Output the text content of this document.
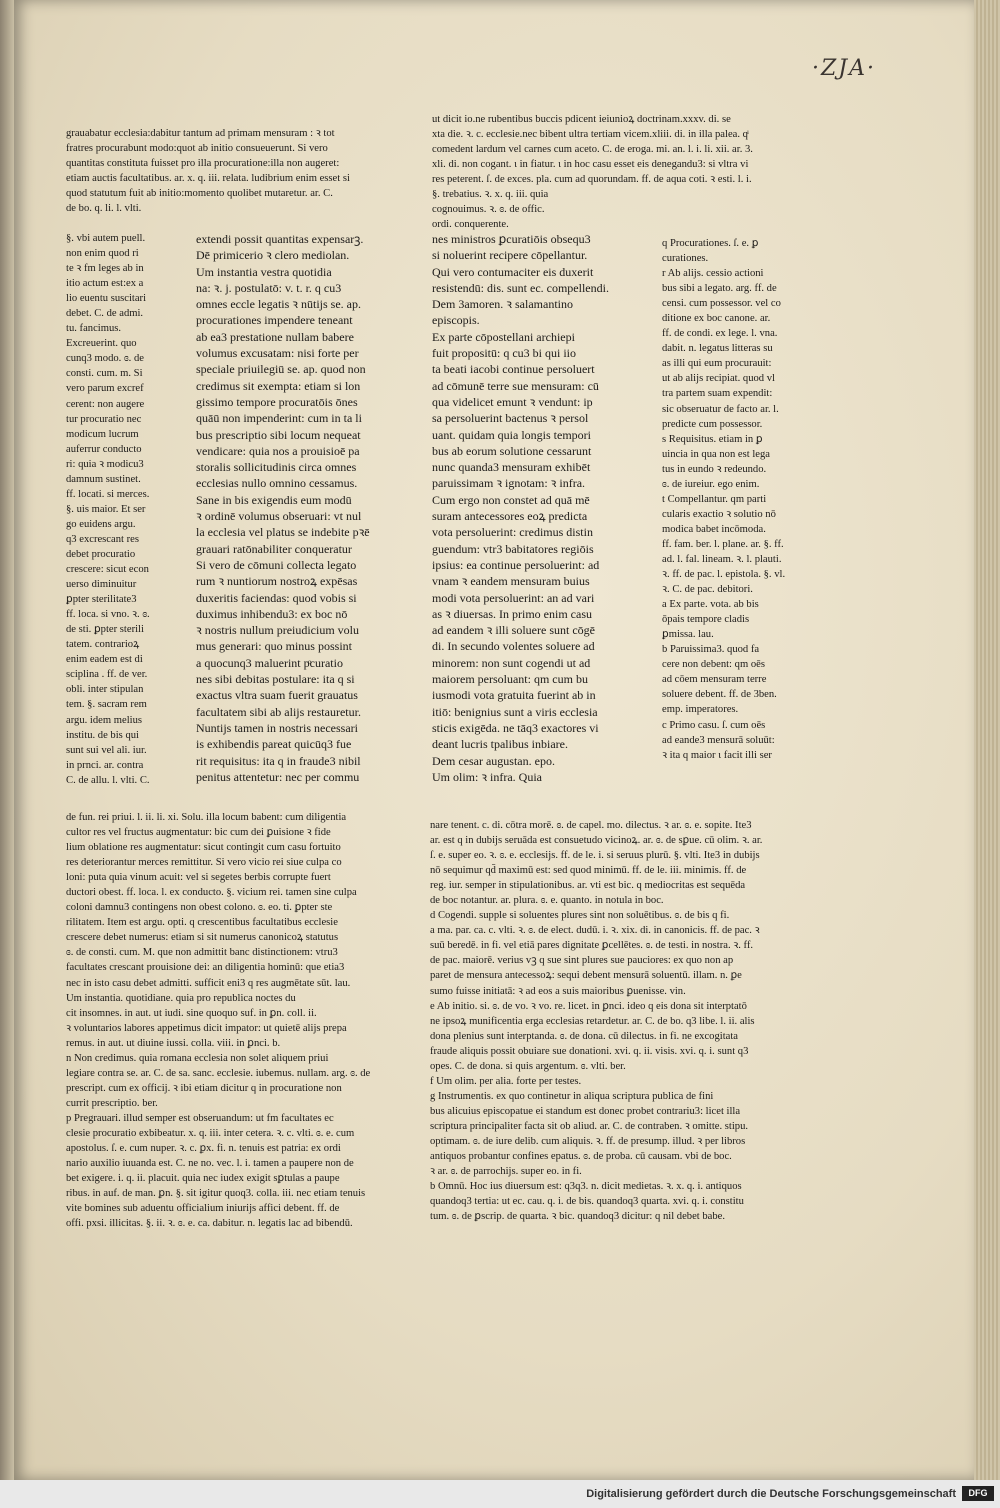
·ZJA·
grauabatur ecclesia:dabitur tantum ad primam mensuram : ꝛ tot
fratres procurabunt modo:quot ab initio consueuerunt. Si vero
quantitas constituta fuisset pro illa procuratione:illa non augeret:
etiam auctis facultatibus. ar. x. q. iii. relata. ludibrium enim esset si
quod statutum fuit ab initio:momento quolibet mutaretur. ar. C.
de bo. q. li. l. vlti.
ut dicit io.ne rubentibus buccis pdicent ieiunioꝝ doctrinam.xxxv. di. se
xta die. ꝛ. c. ecclesie.nec bibent ultra tertiam vicem.xliii. di. in illa palea. qͥ
comedent lardum vel carnes cum aceto. C. de eroga. mi. an. l. i. li. xii. ar. 3.
xli. di. non cogant. ɩ in fiatur. ɩ in hoc casu esset eis denegandu3: si vltra vi
res peterent. ſ. de exces. pla. cum ad quorundam. ff. de aqua coti. ꝛ esti. l. i.
§. trebatius. ꝛ. x. q. iii. quia
cognouimus. ꝛ. ɞ. de offic.
ordi. conquerente.
§. vbi autem puell.
non enim quod ri
te ꝛ fm leges ab in
itio actum est:ex a
lio euentu suscitari
debet. C. de admi.
tu. fancimus.
Excreuerint. quo
cunq3 modo. ɞ. de
consti. cum. m. Si
vero parum excref
cerent: non augere
tur procuratio nec
modicum lucrum
auferrur conducto
ri: quia ꝛ modicu3
damnum sustinet.
ff. locati. si merces.
§. uis maior. Et ser
go euidens argu.
q3 excrescant res
debet procuratio
crescere: sicut econ
uerso diminuitur
ꝑpter sterilitate3
ff. loca. si vno. ꝛ. ɞ.
de sti. ꝑpter sterili
tatem. contrarioꝝ
enim eadem est di
sciplina . ff. de ver.
obli. inter stipulan
tem. §. sacram rem
argu. idem melius
institu. de bis qui
sunt sui vel ali. iur.
in prnci. ar. contra
C. de allu. l. vlti. C.
extendi possit quantitas expensarꝫ.
Dē primicerio ꝛ clero mediolan.
Um instantia vestra quotidia
na: ꝛ. j. postulatō: v. t. r. q cu3
omnes eccle legatis ꝛ nūtijs se. ap.
procurationes impendere teneant
ab ea3 prestatione nullam babere
volumus excusatam: nisi forte per
speciale priuilegiū se. ap. quod non
credimus sit exempta: etiam si lon
gissimo tempore procuratōis ōnes
quāū non impenderint: cum in ta li
bus prescriptio sibi locum nequeat
vendicare: quia nos a prouisioē pa
storalis sollicitudinis circa omnes
ecclesias nullo omnino cessamus.
Sane in bis exigendis eum modū
ꝛ ordinē volumus obseruari: vt nul
la ecclesia vel platus se indebite pꝛē
grauari ratōnabiliter conqueratur
Si vero de cōmuni collecta legato
rum ꝛ nuntiorum nostroꝝ expēsas
duxeritis faciendas: quod vobis si
duximus inhibendu3: ex boc nō
ꝛ nostris nullum preiudicium volu
mus generari: quo minus possint
a quocunq3 maluerint pͦcuratio
nes sibi debitas postulare: ita q si
exactus vltra suam fuerit grauatus
facultatem sibi ab alijs restauretur.
Nuntijs tamen in nostris necessari
is exhibendis pareat quicūq3 fue
rit requisitus: ita q in fraude3 nibil
penitus attentetur: nec per commu
nes ministros ꝑcuratiōis obsequ3
si noluerint recipere cōpellantur.
Qui vero contumaciter eis duxerit
resistendū: dis. sunt ec. compellendi.
Dem 3amoren. ꝛ salamantino
episcopis.
Ex parte cōpostellani archiepi
fuit propositū: q cu3 bi qui iio
ta beati iacobi continue persoluert
ad cōmunē terre sue mensuram: cū
qua videlicet emunt ꝛ vendunt: ip
sa persoluerint bactenus ꝛ persol
uant. quidam quia longis tempori
bus ab eorum solutione cessarunt
nunc quanda3 mensuram exhibēt
paruissimam ꝛ ignotam: ꝛ infra.
Cum ergo non constet ad quā mē
suram antecessores eoꝝ predicta
vota persoluerint: credimus distin
guendum: vtr3 babitatores regiōis
ipsius: ea continue persoluerint: ad
vnam ꝛ eandem mensuram buius
modi vota persoluerint: an ad vari
as ꝛ diuersas. In primo enim casu
ad eandem ꝛ illi soluere sunt cōgē
di. In secundo volentes soluere ad
minorem: non sunt cogendi ut ad
maiorem persoluant: qm cum bu
iusmodi vota gratuita fuerint ab in
itiō: benignius sunt a viris ecclesia
sticis exigēda. ne tāq3 exactores vi
deant lucris tpalibus inbiare.
Dem cesar augustan. epo.
Um olim: ꝛ infra. Quia
q Procurationes. ſ. e. ꝑ
curationes.
r Ab alijs. cessio actioni
bus sibi a legato. arg. ff. de
censi. cum possessor. vel co
ditione ex boc canone. ar.
ff. de condi. ex lege. l. vna.
dabit. n. legatus litteras su
as illi qui eum procurauit:
ut ab alijs recipiat. quod vl
tra partem suam expendit:
sic obseruatur de facto ar. l.
predicte cum possessor.
s Requisitus. etiam in ꝑ
uincia in qua non est lega
tus in eundo ꝛ redeundo.
ɞ. de iureiur. ego enim.
t Compellantur. qm parti
cularis exactio ꝛ solutio nō
modica babet incōmoda.
ff. fam. ber. l. plane. ar. §. ff.
ad. l. fal. lineam. ꝛ. l. plauti.
ꝛ. ff. de pac. l. epistola. §. vl.
ꝛ. C. de pac. debitori.
a Ex parte. vota. ab bis
ōpais tempore cladis
ꝑmissa. lau.
b Paruissima3. quod fa
cere non debent: qm oēs
ad cōem mensuram terre
soluere debent. ff. de 3ben.
emp. imperatores.
c Primo casu. ſ. cum oēs
ad eande3 mensurā soluūt:
ꝛ ita q maior ɩ facit illi ser
de fun. rei priui. l. ii. li. xi. Solu. illa locum babent: cum diligentia
cultor res vel fructus augmentatur: bic cum dei ꝑuisione ꝛ fide
lium oblatione res augmentatur: sicut contingit cum casu fortuito
res deteriorantur merces remittitur. Si vero vicio rei siue culpa co
loni: puta quia vinum acuit: vel si segetes berbis corrupte fuert
ductori obest. ff. loca. l. ex conducto. §. vicium rei. tamen sine culpa
coloni damnu3 contingens non obest colono. ɞ. eo. ti. ꝑpter ste
rilitatem. Item est argu. opti. q crescentibus facultatibus ecclesie
crescere debet numerus: etiam si sit numerus canonicoꝝ statutus
ɞ. de consti. cum. M. que non admittit banc distinctionem: vtru3
facultates crescant prouisione dei: an diligentia hominū: que etia3
nec in isto casu debet admitti. sufficit eni3 q res augmētate sūt. lau.
Um instantia. quotidiane. quia pro republica noctes du
cit insomnes. in aut. ut iudi. sine quoquo suf. in ꝑn. coll. ii.
ꝛ voluntarios labores appetimus dicit impator: ut quietē alijs prepa
remus. in aut. ut diuine iussi. colla. viii. in ꝑnci. b.
n Non credimus. quia romana ecclesia non solet aliquem priui
legiare contra se. ar. C. de sa. sanc. ecclesie. iubemus. nullam. arg. ɞ. de
prescript. cum ex officij. ꝛ ibi etiam dicitur q in procuratione non
currit prescriptio. ber.
p Pregrauari. illud semper est obseruandum: ut fm facultates ec
clesie procuratio exbibeatur. x. q. iii. inter cetera. ꝛ. c. vlti. ɞ. e. cum
apostolus. ſ. e. cum nuper. ꝛ. c. ꝑx. fi. n. tenuis est patria: ex ordi
nario auxilio iuuanda est. C. ne no. vec. l. i. tamen a paupere non de
bet exigere. i. q. ii. placuit. quia nec iudex exigit sꝑtulas a paupe
ribus. in auf. de man. ꝑn. §. sit igitur quoq3. colla. iii. nec etiam tenuis
vite bomines sub aduentu officialium iniurijs affici debent. ff. de
offi. pxsi. illicitas. §. ii. ꝛ. ɞ. e. ca. dabitur. n. legatis lac ad bibendū.
nare tenent. c. di. cōtra morē. ɞ. de capel. mo. dilectus. ꝛ ar. ɞ. e. sopite. Ite3
ar. est q in dubijs seruāda est consuetudo vicinoꝝ. ar. ɞ. de sꝑue. cū olim. ꝛ. ar.
ſ. e. super eo. ꝛ. ɞ. e. ecclesijs. ff. de le. i. si seruus plurū. §. vlti. Ite3 in dubijs
nō sequimur qd̄ maximū est: sed quod minimū. ff. de le. iii. minimis. ff. de
reg. iur. semper in stipulationibus. ar. vti est bic. q mediocritas est sequēda
de boc notantur. ar. plura. ɞ. e. quanto. in notula in boc.
d Cogendi. supple si soluentes plures sint non soluētibus. ɞ. de bis q fi.
a ma. par. ca. c. vlti. ꝛ. ɞ. de elect. dudū. i. ꝛ. xix. di. in canonicis. ff. de pac. ꝛ
suū beredē. in fi. vel etiā pares dignitate ꝑcellētes. ɞ. de testi. in nostra. ꝛ. ff.
de pac. maiorē. verius vꝫ q sue sint plures sue pauciores: ex quo non ap
paret de mensura antecessoꝝ: sequi debent mensurā soluentū. illam. n. ꝑe
sumo fuisse initiatā: ꝛ ad eos a suis maioribus ꝑuenisse. vin.
e Ab initio. si. ɞ. de vo. ꝛ vo. re. licet. in ꝑnci. ideo q eis dona sit interptatō
ne ipsoꝝ munificentia erga ecclesias retardetur. ar. C. de bo. q3 libe. l. ii. alis
dona plenius sunt interptanda. ɞ. de dona. cū dilectus. in fi. ne excogitata
fraude aliquis possit obuiare sue donationi. xvi. q. ii. visis. xvi. q. i. sunt q3
opes. C. de dona. si quis argentum. ɞ. vlti. ber.
f Um olim. per alia. forte per testes.
g Instrumentis. ex quo continetur in aliqua scriptura publica de fini
bus alicuius episcopatue ei standum est donec probet contrariu3: licet illa
scriptura principaliter facta sit ob aliud. ar. C. de contraben. ꝛ omitte. stipu.
optimam. ɞ. de iure delib. cum aliquis. ꝛ. ff. de presump. illud. ꝛ per libros
antiquos probantur confines epatus. ɞ. de proba. cū causam. vbi de boc.
ꝛ ar. ɞ. de parrochijs. super eo. in fi.
b Omnū. Hoc ius diuersum est: q3q3. n. dicit medietas. ꝛ. x. q. i. antiquos
quandoq3 tertia: ut ec. cau. q. i. de bis. quandoq3 quarta. xvi. q. i. constitu
tum. ɞ. de ꝑscrip. de quarta. ꝛ bic. quandoq3 dicitur: q nil debet babe.
Digitalisierung gefördert durch die Deutsche Forschungsgemeinschaft	DFG
